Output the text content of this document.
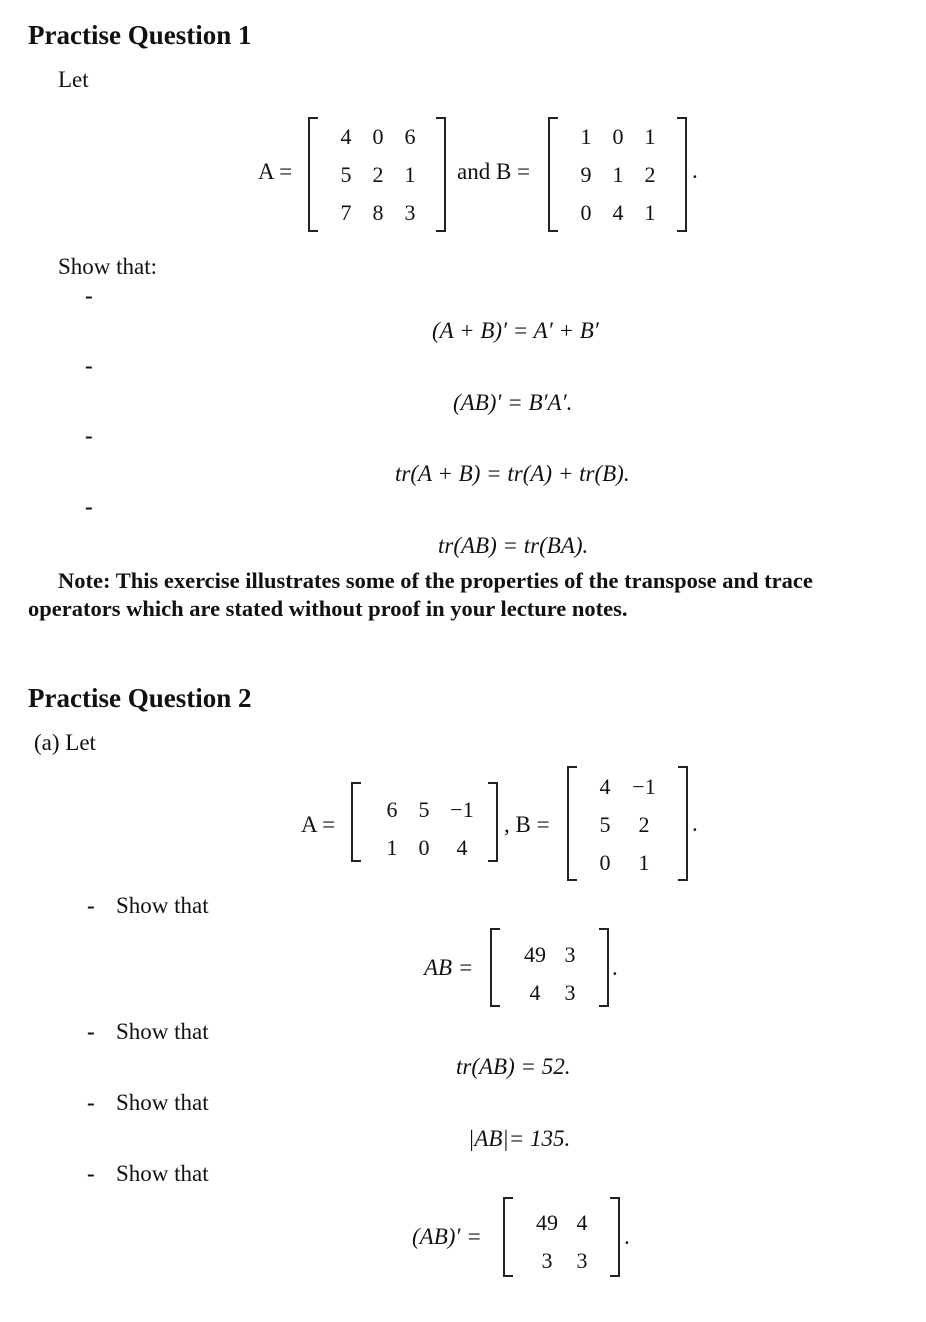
Practise Question 1
Let
A =
4	0	6
5	2	1
7	8	3
and B =
1	0	1
9	1	2
0	4	1
.
Show that:
-
-
-
-
(A + B)′ = A′ + B′
(AB)′ = B′A′.
tr(A + B) = tr(A) + tr(B).
tr(AB) = tr(BA).
Note: This exercise illustrates some of the properties of the transpose and trace
operators which are stated without proof in your lecture notes.
Practise Question 2
(a) Let
A =
6	5	−1
1	0	4
, B =
4	−1
5	2
0	1
.
- Show that
- Show that
- Show that
- Show that
AB =
49	3
4	3
.
tr(AB) = 52.
|AB|= 135.
(AB)′ =
49	4
3	3
.
